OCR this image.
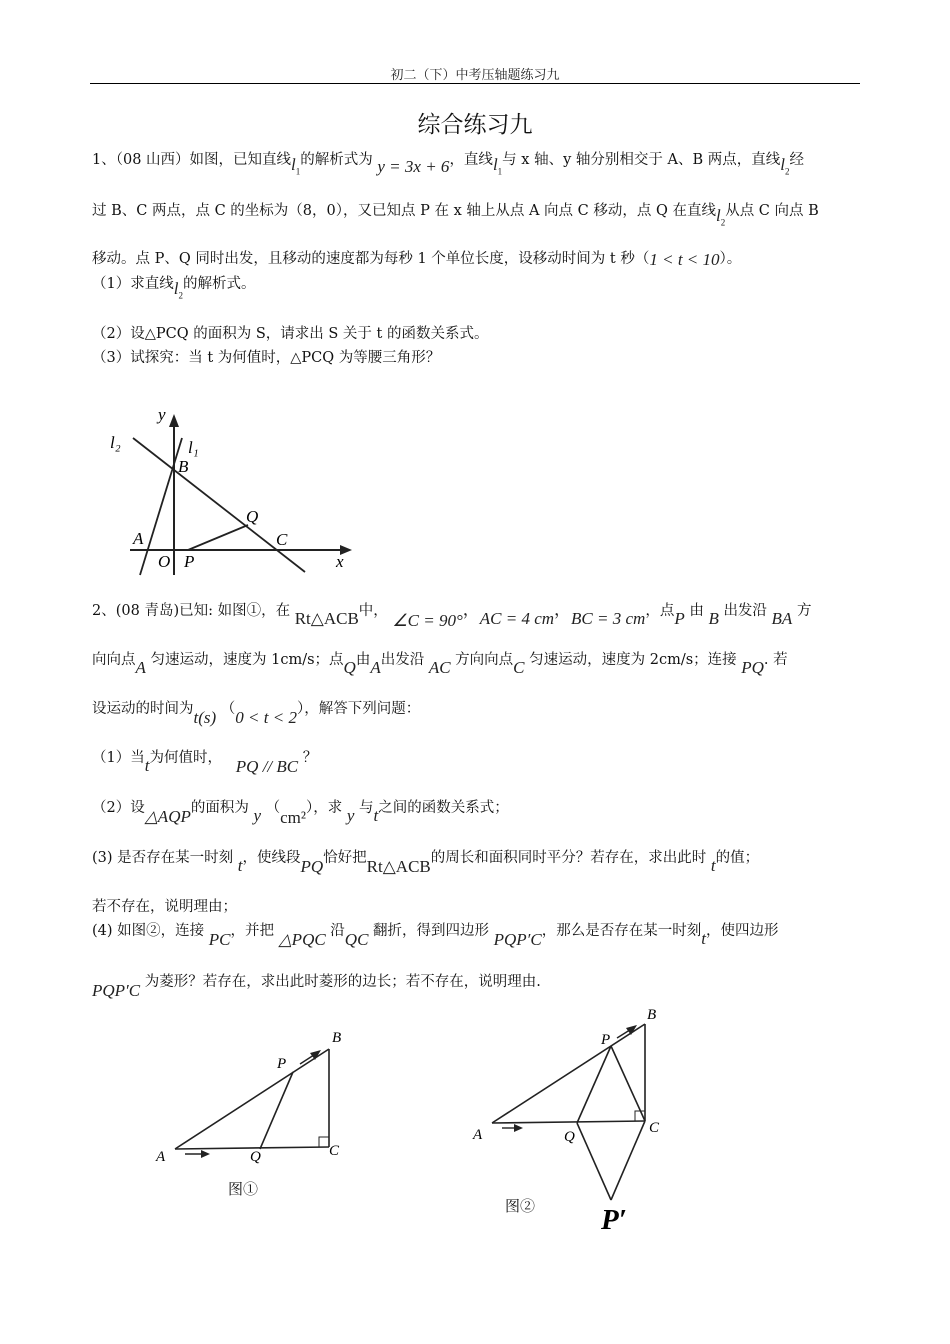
初二（下）中考压轴题练习九
综合练习九
1、（08 山西）如图，已知直线$l_1$的解析式为 y = 3x + 6，直线$l_1$与 x 轴、y 轴分别相交于 A、B 两点，直线$l_2$经
过 B、C 两点，点 C 的坐标为（8，0），又已知点 P 在 x 轴上从点 A 向点 C 移动，点 Q 在直线$l_2$从点 C 向点 B
移动。点 P、Q 同时出发，且移动的速度都为每秒 1 个单位长度，设移动时间为 t 秒（1 < t < 10）。
（1）求直线$l_2$的解析式。
（2）设△PCQ 的面积为 S，请求出 S 关于 t 的函数关系式。
（3）试探究：当 t 为何值时，△PCQ 为等腰三角形？
y
l₂	l₁
B
Q
A	C
O P	x
2、(08 青岛)已知: 如图①，在 Rt△ACB中， ∠C = 90°，AC = 4 cm，BC = 3 cm，点P 由 B 出发沿 BA 方
向向点A 匀速运动，速度为 1cm/s；点Q由A出发沿 AC 方向向点C 匀速运动，速度为 2cm/s；连接 PQ. 若
设运动的时间为t(s) （0 < t < 2），解答下列问题：
（1）当t为何值时， PQ // BC ？
（2）设△AQP的面积为 y （cm²），求 y 与t之间的函数关系式；
(3) 是否存在某一时刻 t，使线段PQ恰好把Rt△ACB的周长和面积同时平分？若存在，求出此时 t的值；
若不存在，说明理由；
(4) 如图②，连接 PC，并把 △PQC 沿QC 翻折，得到四边形 PQP′C，那么是否存在某一时刻t，使四边形
PQP′C 为菱形？若存在，求出此时菱形的边长；若不存在，说明理由.
B
P
A	Q	C
图①
B
P
A	Q
C
P′
图②
